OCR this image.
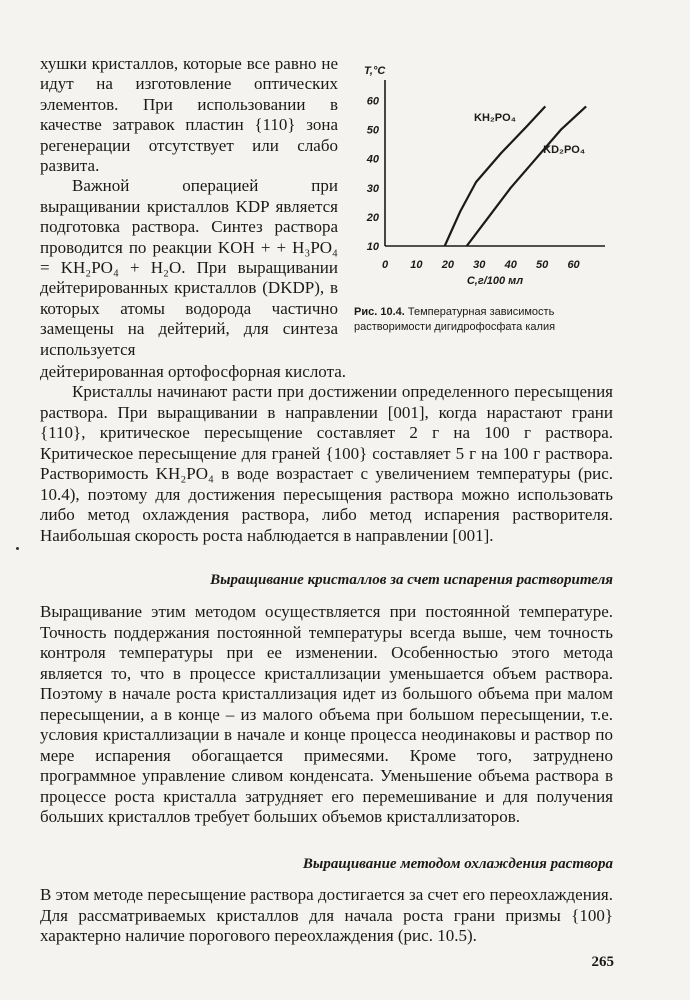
хушки кристаллов, которые все равно не идут на изготовление оптических элементов. При использовании в качестве затравок пластин {110} зона регенерации отсутствует или слабо развита.

Важной операцией при выращивании кристаллов KDP является подготовка раствора. Синтез раствора проводится по реакции KOH + + H₃PO₄ = KH₂PO₄ + H₂O. При выращивании дейтерированных кристаллов (DKDP), в которых атомы водорода частично замещены на дейтерий, для синтеза используется

дейтерированная ортофосфорная кислота.

10
20
30
40
50
60
0 10 20 30 40 50 60
T,°C
C,г/100 мл
KH₂PO₄
KD₂PO₄
Рис. 10.4. Температурная зависимость растворимости дигидрофосфата калия

Кристаллы начинают расти при достижении определенного пересыщения раствора. При выращивании в направлении [001], когда нарастают грани {110}, критическое пересыщение составляет 2 г на 100 г раствора. Критическое пересыщение для граней {100} составляет 5 г на 100 г раствора. Растворимость KH₂PO₄ в воде возрастает с увеличением температуры (рис. 10.4), поэтому для достижения пересыщения раствора можно использовать либо метод охлаждения раствора, либо метод испарения растворителя. Наибольшая скорость роста наблюдается в направлении [001].

Выращивание кристаллов за счет испарения растворителя

Выращивание этим методом осуществляется при постоянной температуре. Точность поддержания постоянной температуры всегда выше, чем точность контроля температуры при ее изменении. Особенностью этого метода является то, что в процессе кристаллизации уменьшается объем раствора. Поэтому в начале роста кристаллизация идет из большого объема при малом пересыщении, а в конце – из малого объема при большом пересыщении, т.е. условия кристаллизации в начале и конце процесса неодинаковы и раствор по мере испарения обогащается примесями. Кроме того, затруднено программное управление сливом конденсата. Уменьшение объема раствора в процессе роста кристалла затрудняет его перемешивание и для получения больших кристаллов требует больших объемов кристаллизаторов.

Выращивание методом охлаждения раствора

В этом методе пересыщение раствора достигается за счет его переохлаждения. Для рассматриваемых кристаллов для начала роста грани призмы {100} характерно наличие порогового переохлаждения (рис. 10.5).

265
